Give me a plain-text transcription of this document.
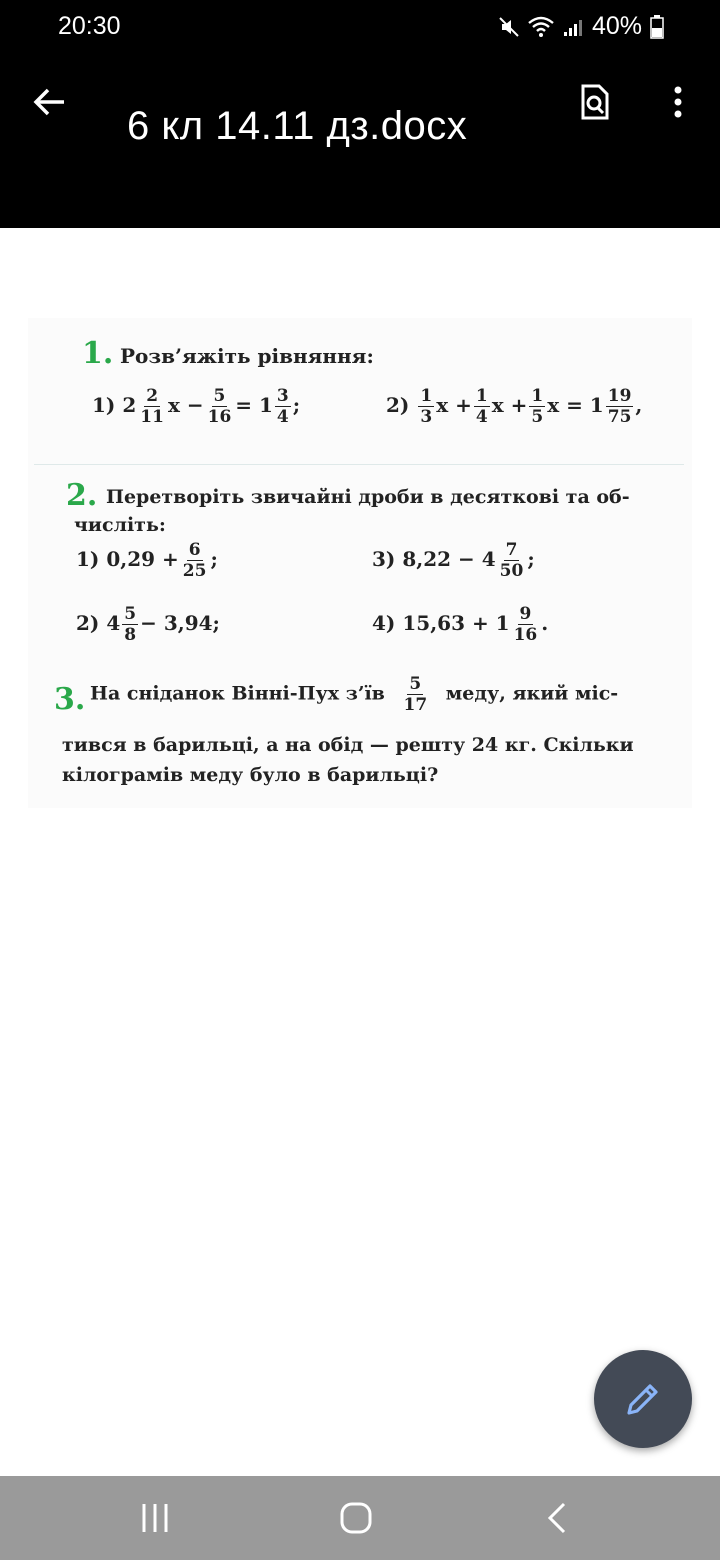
20:30	40%
6 кл 14.11 дз.docx
1. Розв’яжіть рівняння:
1) $2 \frac{2}{11}$ $x - \frac{5}{16} = 1 \frac{3}{4}$ ;	$2) \frac{1}{3}$ $x + \frac{1}{4}$ $x + \frac{1}{5}$ $x = 1 \frac{19}{75}$ ,
2. Перетворіть звичайні дроби в десяткові та об-
числіть:
1) $0,29 + \frac{6}{25}$ ;	3) $8,22 - 4 \frac{7}{50}$ ;
2) $4 \frac{5}{8} - 3,94$;	4) $15,63 + 1 \frac{9}{16}$ .
3. На сніданок Вінні-Пух з’їв $\frac{5}{17}$ меду, який міс-
тився в барильці, а на обід — решту 24 кг. Скільки
кілограмів меду було в барильці?
